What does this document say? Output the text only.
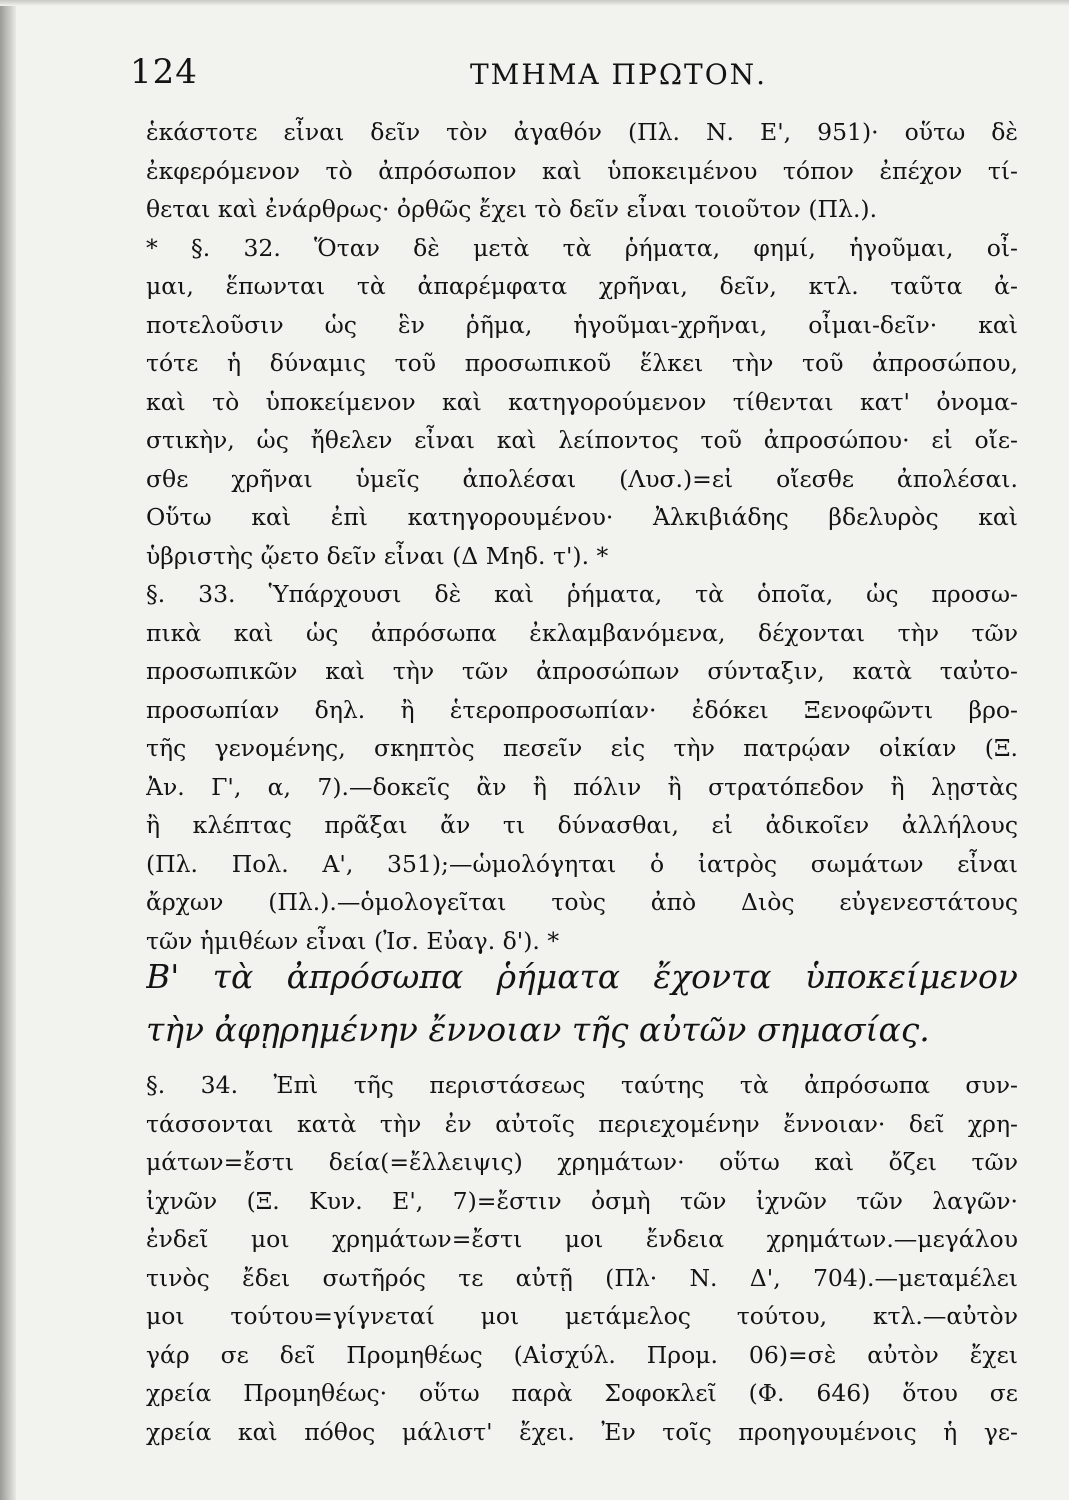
124	ΤΜΗΜΑ ΠΡΩΤΟΝ.
ἑκάστοτε εἶναι δεῖν τὸν ἀγαθόν (Πλ. Ν. Ε', 951)· οὕτω δὲ
ἐκφερόμενον τὸ ἀπρόσωπον καὶ ὑποκειμένου τόπον ἐπέχον τί-
θεται καὶ ἐνάρθρως· ὀρθῶς ἔχει τὸ δεῖν εἶναι τοιοῦτον (Πλ.).
* §. 32. Ὅταν δὲ μετὰ τὰ ῥήματα, φημί, ἡγοῦμαι, οἶ-
μαι, ἕπωνται τὰ ἀπαρέμφατα χρῆναι, δεῖν, κτλ. ταῦτα ἀ-
ποτελοῦσιν ὡς ἓν ῥῆμα, ἡγοῦμαι-χρῆναι, οἶμαι-δεῖν· καὶ
τότε ἡ δύναμις τοῦ προσωπικοῦ ἕλκει τὴν τοῦ ἀπροσώπου,
καὶ τὸ ὑποκείμενον καὶ κατηγορούμενον τίθενται κατ' ὀνομα-
στικὴν, ὡς ἤθελεν εἶναι καὶ λείποντος τοῦ ἀπροσώπου· εἰ οἴε-
σθε χρῆναι ὑμεῖς ἀπολέσαι (Λυσ.)=εἰ οἴεσθε ἀπολέσαι.
Οὕτω καὶ ἐπὶ κατηγορουμένου· Ἀλκιβιάδης βδελυρὸς καὶ
ὑβριστὴς ᾤετο δεῖν εἶναι (Δ Μηδ. τ'). *
§. 33. Ὑπάρχουσι δὲ καὶ ῥήματα, τὰ ὁποῖα, ὡς προσω-
πικὰ καὶ ὡς ἀπρόσωπα ἐκλαμβανόμενα, δέχονται τὴν τῶν
προσωπικῶν καὶ τὴν τῶν ἀπροσώπων σύνταξιν, κατὰ ταὐτο-
προσωπίαν δηλ. ἢ ἑτεροπροσωπίαν· ἐδόκει Ξενοφῶντι βρο-
τῆς γενομένης, σκηπτὸς πεσεῖν εἰς τὴν πατρῴαν οἰκίαν (Ξ.
Ἀν. Γ', α, 7).—δοκεῖς ἂν ἢ πόλιν ἢ στρατόπεδον ἢ λῃστὰς
ἢ κλέπτας πρᾶξαι ἄν τι δύνασθαι, εἰ ἀδικοῖεν ἀλλήλους
(Πλ. Πολ. Α', 351);—ὡμολόγηται ὁ ἰατρὸς σωμάτων εἶναι
ἄρχων (Πλ.).—ὁμολογεῖται τοὺς ἀπὸ Διὸς εὐγενεστάτους
τῶν ἡμιθέων εἶναι (Ἰσ. Εὐαγ. δ'). *
Β' τὰ ἀπρόσωπα ῥήματα ἔχοντα ὑποκείμενον
τὴν ἀφῃρημένην ἔννοιαν τῆς αὐτῶν σημασίας.
§. 34. Ἐπὶ τῆς περιστάσεως ταύτης τὰ ἀπρόσωπα συν-
τάσσονται κατὰ τὴν ἐν αὐτοῖς περιεχομένην ἔννοιαν· δεῖ χρη-
μάτων=ἔστι δεία(=ἔλλειψις) χρημάτων· οὕτω καὶ ὄζει τῶν
ἰχνῶν (Ξ. Κυν. Ε', 7)=ἔστιν ὀσμὴ τῶν ἰχνῶν τῶν λαγῶν·
ἐνδεῖ μοι χρημάτων=ἔστι μοι ἔνδεια χρημάτων.—μεγάλου
τινὸς ἔδει σωτῆρός τε αὐτῇ (Πλ· Ν. Δ', 704).—μεταμέλει
μοι τούτου=γίγνεταί μοι μετάμελος τούτου, κτλ.—αὐτὸν
γάρ σε δεῖ Προμηθέως (Αἰσχύλ. Προμ. 06)=σὲ αὐτὸν ἔχει
χρεία Προμηθέως· οὕτω παρὰ Σοφοκλεῖ (Φ. 646) ὅτου σε
χρεία καὶ πόθος μάλιστ' ἔχει. Ἐν τοῖς προηγουμένοις ἡ γε-
